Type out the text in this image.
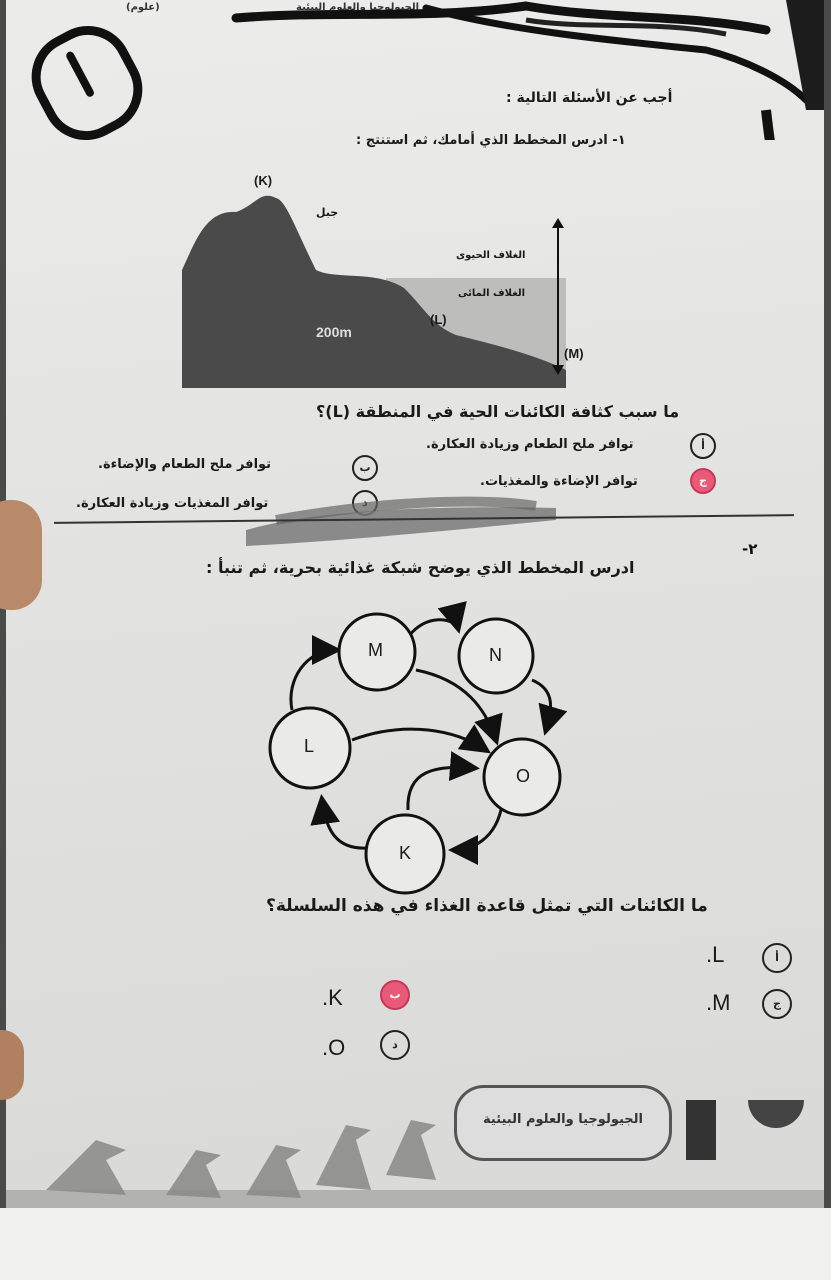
الجيولوجيا والعلوم البيئية
(علوم)
أجب عن الأسئلة التالية :
١- ادرس المخطط الذي أمامك، ثم استنتج :
(K)
جبل
الغلاف الحيوى
الغلاف المائى
(L)
200m
(M)
ما سبب كثافة الكائنات الحية في المنطقة (L)؟
أ
توافر ملح الطعام وزيادة العكارة.
ب
توافر ملح الطعام والإضاءة.
ج
توافر الإضاءة والمغذيات.
د
توافر المغذيات وزيادة العكارة.
٢-
ادرس المخطط الذي يوضح شبكة غذائية بحرية، ثم تنبأ :
M	N
L
O
K
ما الكائنات التي تمثل قاعدة الغذاء في هذه السلسلة؟
أ
.L
ب
.K	ج
.M
د
.O
الجيولوجيا والعلوم البيئية
